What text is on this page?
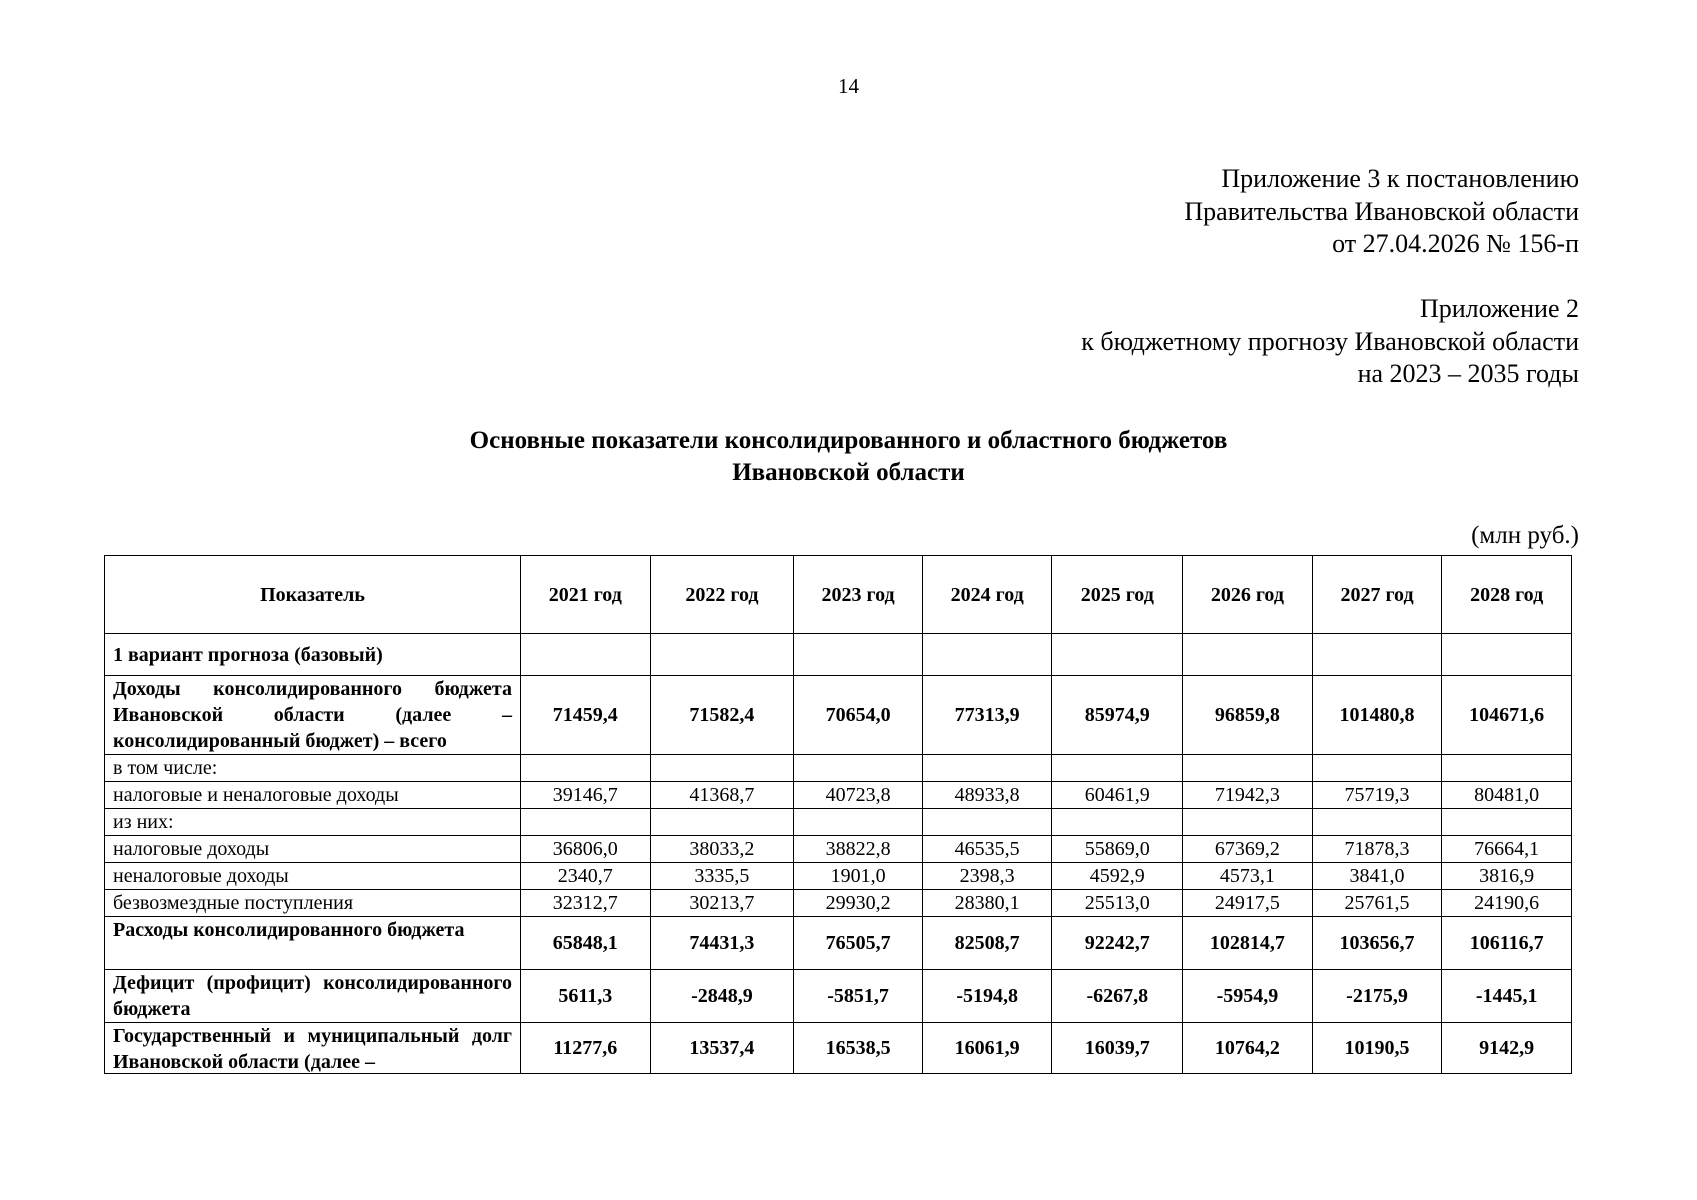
14
Приложение 3 к постановлению
Правительства Ивановской области
от 27.04.2026 № 156-п
Приложение 2
к бюджетному прогнозу Ивановской области
на 2023 – 2035 годы
Основные показатели консолидированного и областного бюджетов
Ивановской области
(млн руб.)
Показатель	2021 год	2022 год	2023 год	2024 год	2025 год	2026 год	2027 год	2028 год
1 вариант прогноза (базовый)								
Доходы консолидированного бюджета Ивановской области (далее – консолидированный бюджет) – всего	71459,4	71582,4	70654,0	77313,9	85974,9	96859,8	101480,8	104671,6
в том числе:								
налоговые и неналоговые доходы	39146,7	41368,7	40723,8	48933,8	60461,9	71942,3	75719,3	80481,0
из них:								
налоговые доходы	36806,0	38033,2	38822,8	46535,5	55869,0	67369,2	71878,3	76664,1
неналоговые доходы	2340,7	3335,5	1901,0	2398,3	4592,9	4573,1	3841,0	3816,9
безвозмездные поступления	32312,7	30213,7	29930,2	28380,1	25513,0	24917,5	25761,5	24190,6
Расходы консолидированного бюджета	65848,1	74431,3	76505,7	82508,7	92242,7	102814,7	103656,7	106116,7
Дефицит (профицит) консолидированного бюджета	5611,3	-2848,9	-5851,7	-5194,8	-6267,8	-5954,9	-2175,9	-1445,1

Государственный и муниципальный долг Ивановской области (далее –	11277,6	13537,4	16538,5	16061,9	16039,7	10764,2	10190,5	9142,9
